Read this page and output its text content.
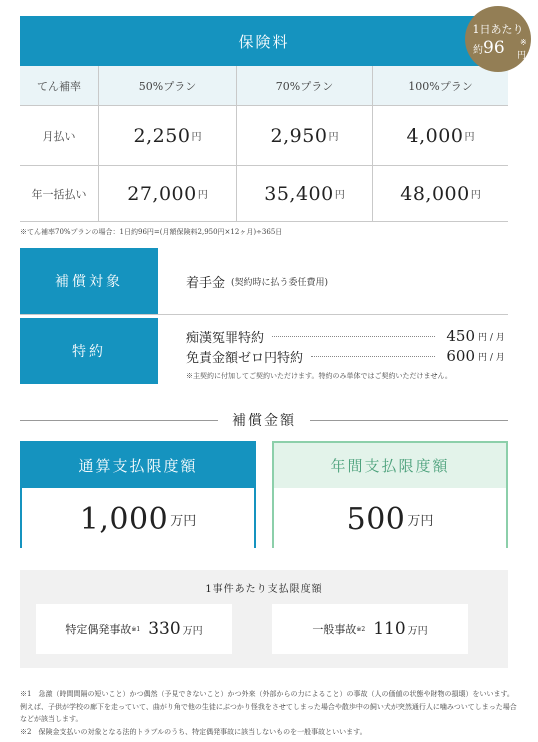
保険料
てん補率	50%プラン	70%プラン	100%プラン
月払い	2,250 円	2,950 円	4,000 円
年一括払い	27,000 円	35,400 円	48,000 円
1日あたり
約96 ※
円
※てん補率70%プランの場合：1日約96円=(月額保険料2,950円×12ヶ月)÷365日
補償対象	着手金 (契約時に払う委任費用)
特約
痴漢冤罪特約	450 円 / 月
免責金額ゼロ円特約	600 円 / 月
※主契約に付加してご契約いただけます。特約のみ単体ではご契約いただけません。
補償金額
通算支払限度額
1,000 万円
年間支払限度額
500 万円
1事件あたり支払限度額
特定偶発事故 ※1 330 万円	一般事故 ※2 110 万円

※1　急激（時間間隔の短いこと）かつ偶然（予見できないこと）かつ外来（外部からの力によること）の事故（人の価値の状態や財物の損壊）をいいます。例えば、子供が学校の廊下を走っていて、曲がり角で他の生徒にぶつかり怪我をさせてしまった場合や散歩中の飼い犬が突然通行人に噛みついてしまった場合などが該当します。

※2　保険金支払いの対象となる法的トラブルのうち、特定偶発事故に該当しないものを一般事故といいます。
